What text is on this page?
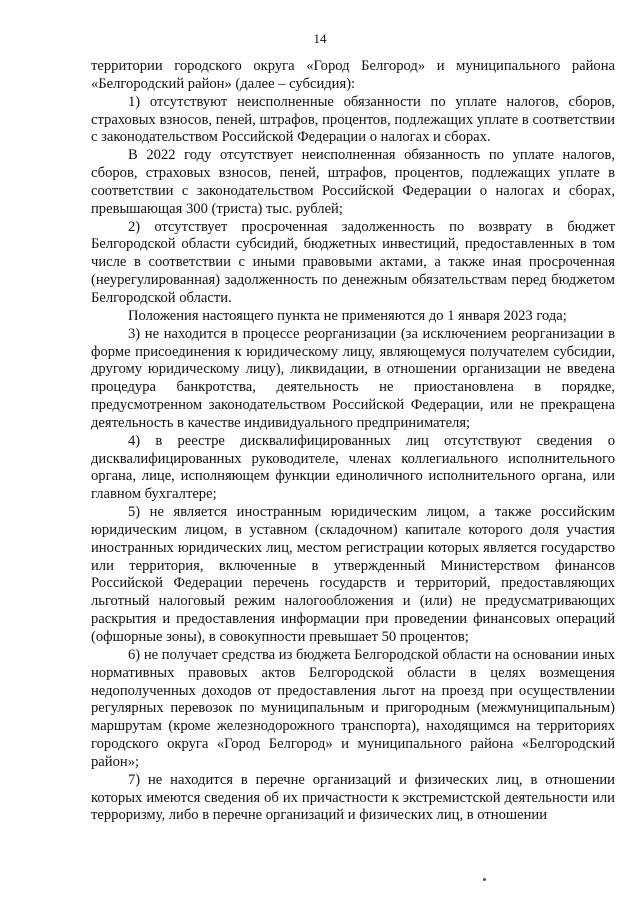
14

территории городского округа «Город Белгород» и муниципального района «Белгородский район» (далее – субсидия):

1) отсутствуют неисполненные обязанности по уплате налогов, сборов, страховых взносов, пеней, штрафов, процентов, подлежащих уплате в соответствии с законодательством Российской Федерации о налогах и сборах.

В 2022 году отсутствует неисполненная обязанность по уплате налогов, сборов, страховых взносов, пеней, штрафов, процентов, подлежащих уплате в соответствии с законодательством Российской Федерации о налогах и сборах, превышающая 300 (триста) тыс. рублей;

2) отсутствует просроченная задолженность по возврату в бюджет Белгородской области субсидий, бюджетных инвестиций, предоставленных в том числе в соответствии с иными правовыми актами, а также иная просроченная (неурегулированная) задолженность по денежным обязательствам перед бюджетом Белгородской области.

Положения настоящего пункта не применяются до 1 января 2023 года;

3) не находится в процессе реорганизации (за исключением реорганизации в форме присоединения к юридическому лицу, являющемуся получателем субсидии, другому юридическому лицу), ликвидации, в отношении организации не введена процедура банкротства, деятельность не приостановлена в порядке, предусмотренном законодательством Российской Федерации, или не прекращена деятельность в качестве индивидуального предпринимателя;

4) в реестре дисквалифицированных лиц отсутствуют сведения о дисквалифицированных руководителе, членах коллегиального исполнительного органа, лице, исполняющем функции единоличного исполнительного органа, или главном бухгалтере;

5) не является иностранным юридическим лицом, а также российским юридическим лицом, в уставном (складочном) капитале которого доля участия иностранных юридических лиц, местом регистрации которых является государство или территория, включенные в утвержденный Министерством финансов Российской Федерации перечень государств и территорий, предоставляющих льготный налоговый режим налогообложения и (или) не предусматривающих раскрытия и предоставления информации при проведении финансовых операций (офшорные зоны), в совокупности превышает 50 процентов;

6) не получает средства из бюджета Белгородской области на основании иных нормативных правовых актов Белгородской области в целях возмещения недополученных доходов от предоставления льгот на проезд при осуществлении регулярных перевозок по муниципальным и пригородным (межмуниципальным) маршрутам (кроме железнодорожного транспорта), находящимся на территориях городского округа «Город Белгород» и муниципального района «Белгородский район»;

7) не находится в перечне организаций и физических лиц, в отношении которых имеются сведения об их причастности к экстремистской деятельности или терроризму, либо в перечне организаций и физических лиц, в отношении
